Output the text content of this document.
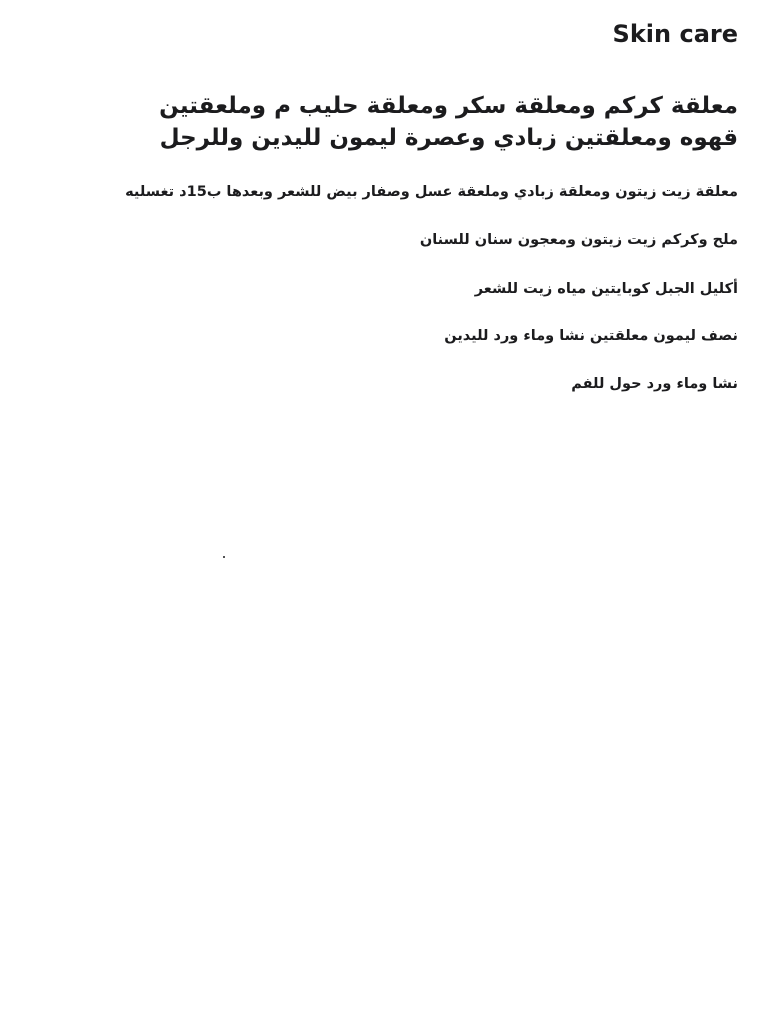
Skin care
معلقة كركم ومعلقة سكر ومعلقة حليب م وملعقتين قهوه ومعلقتين زبادي وعصرة ليمون لليدين وللرجل

معلقة زيت زيتون ومعلقة زبادي وملعقة عسل وصفار بيض للشعر وبعدها ب15د تغسليه

ملح وكركم زيت زيتون ومعجون سنان للسنان

أكليل الجبل كوبايتين مياه زيت للشعر

نصف ليمون معلقتين نشا وماء ورد لليدين

نشا وماء ورد حول للفم
